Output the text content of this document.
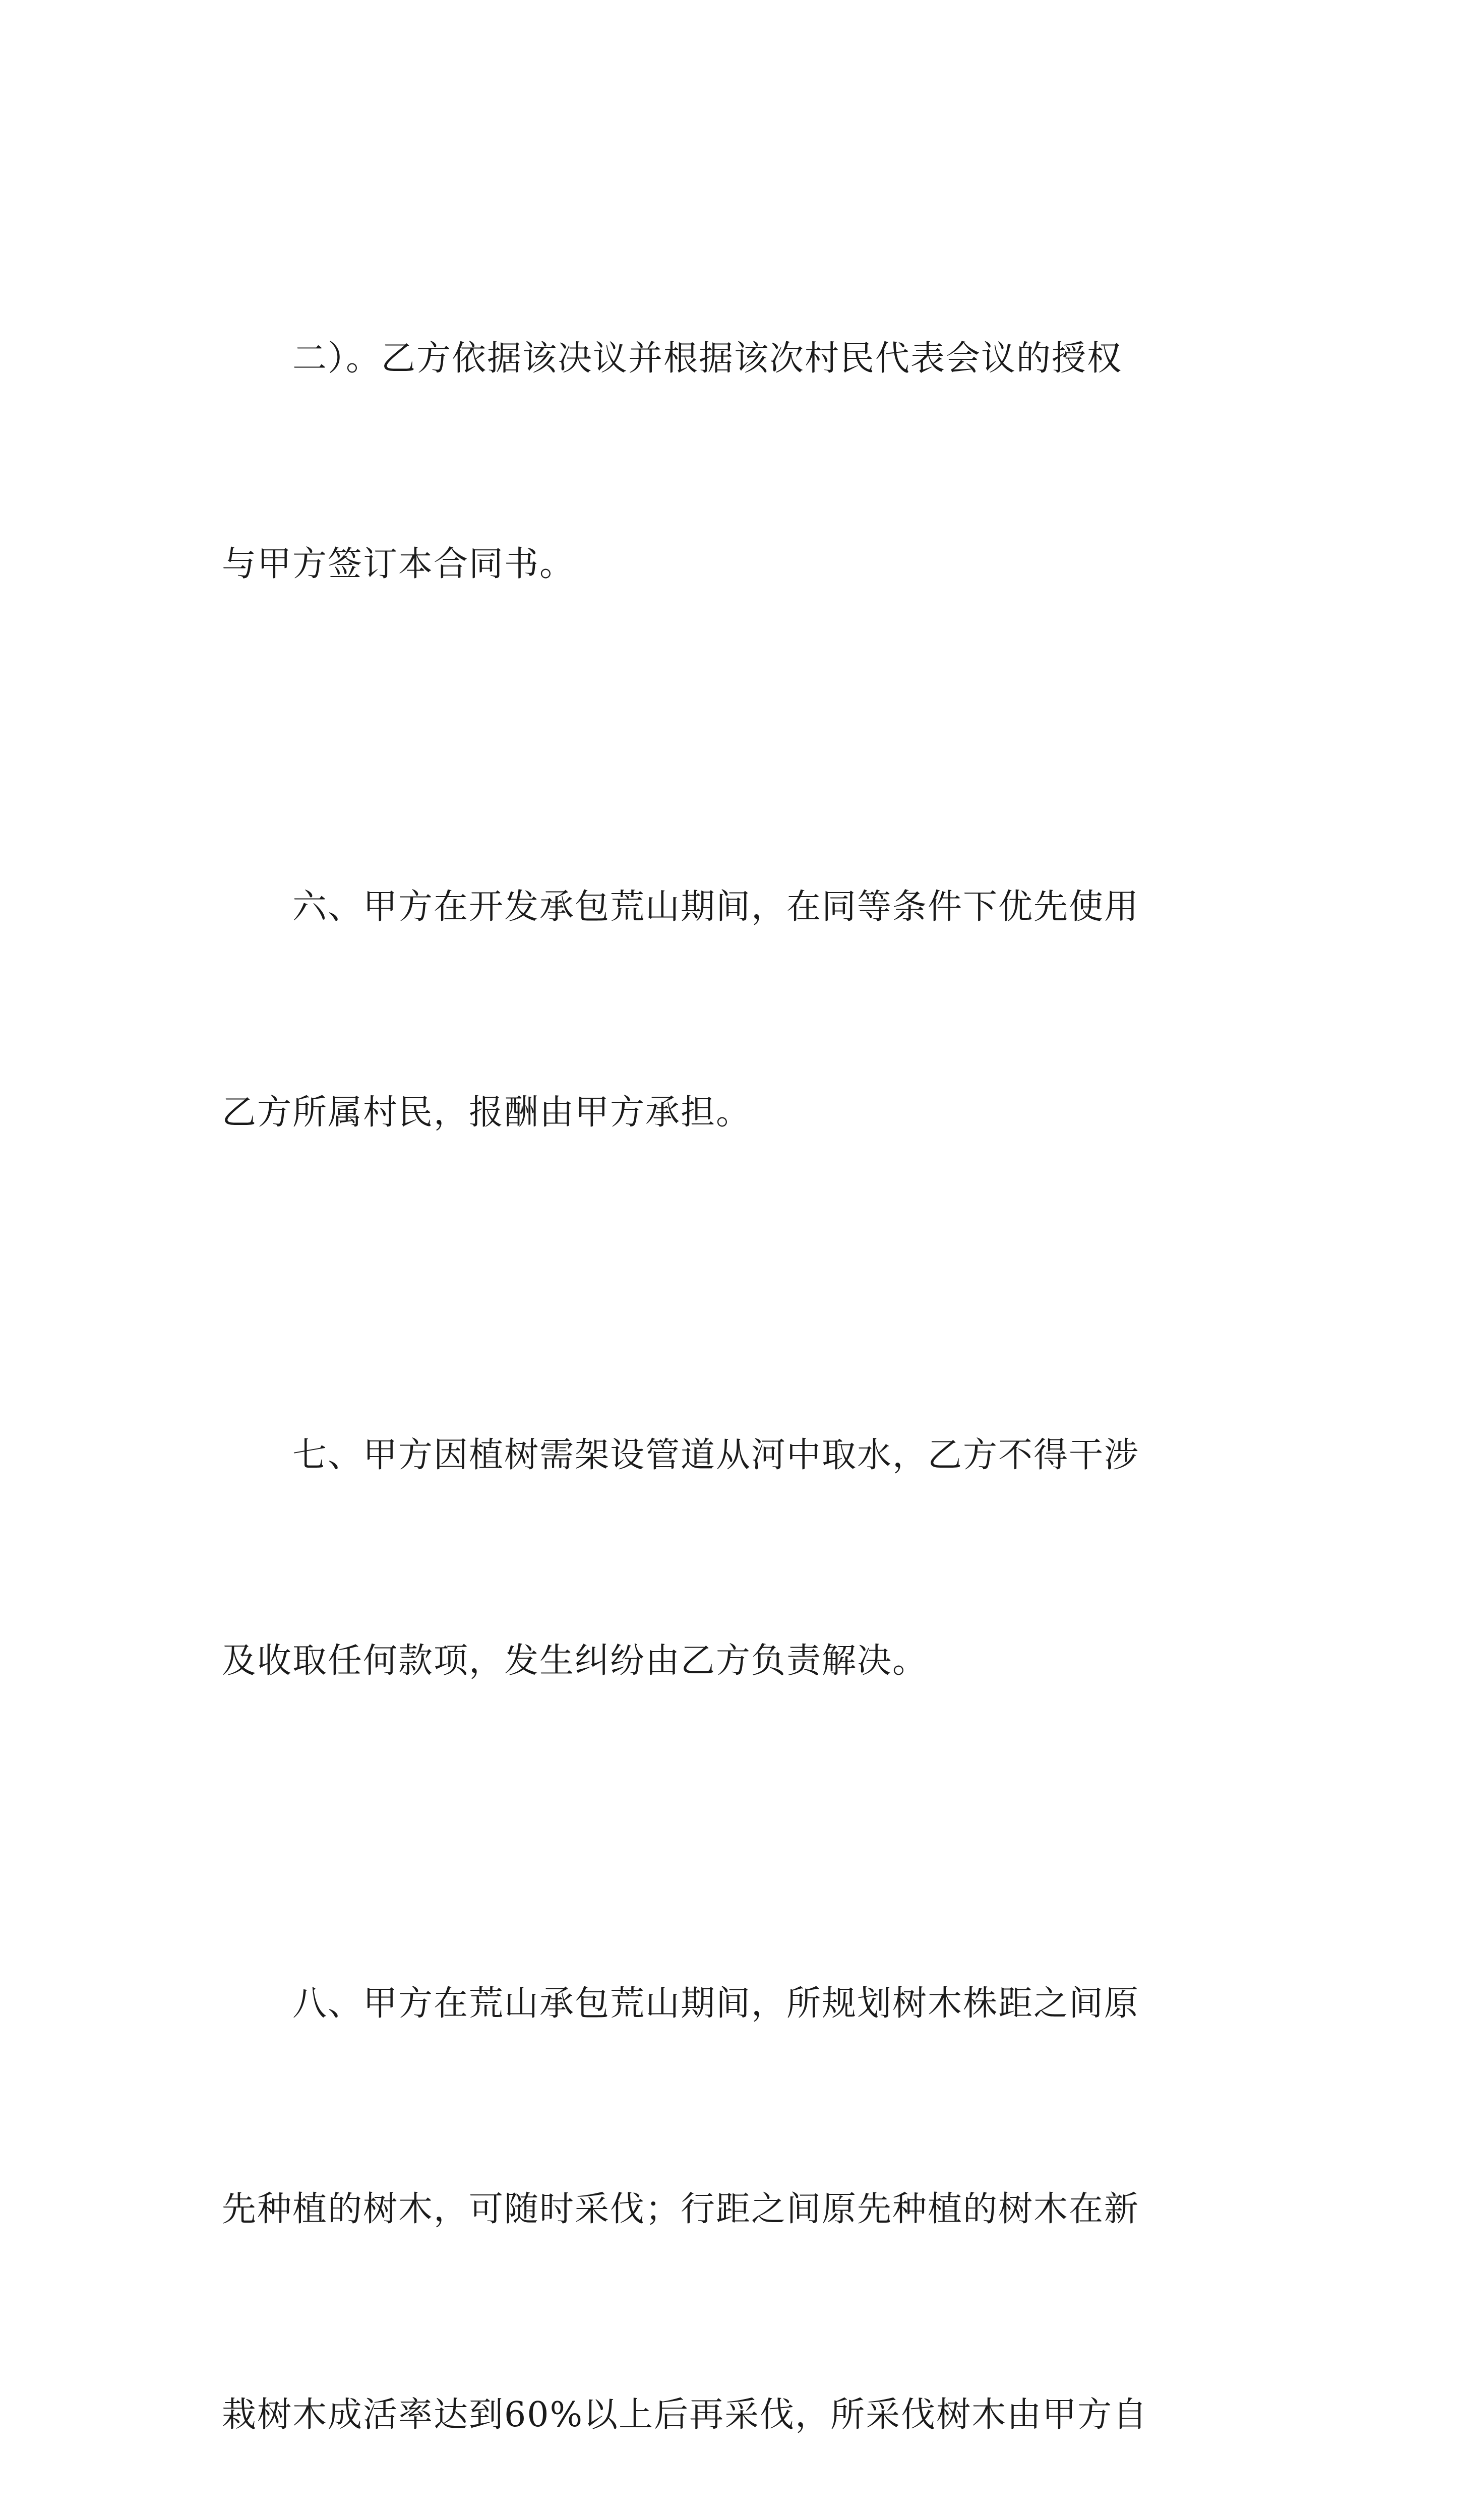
　　二）。乙方依据该决议并根据该次村民代表会议的授权

与甲方签订本合同书。

　　六、甲方在开发承包荒山期间，在同等条件下优先使用

乙方所属村民，报酬由甲方承担。

　　七、甲方因植树需架设管道从河中取水，乙方不得干涉

及收取任何款项，发生纠纷由乙方负责解决。

　　八、甲方在荒山承包荒山期间，所规划树木株距之间原

先种植的树木，可随时采伐；行距之间原先种植的树木在新

栽树木成活率达到60%以上后再采伐，所采伐树木由甲方自
